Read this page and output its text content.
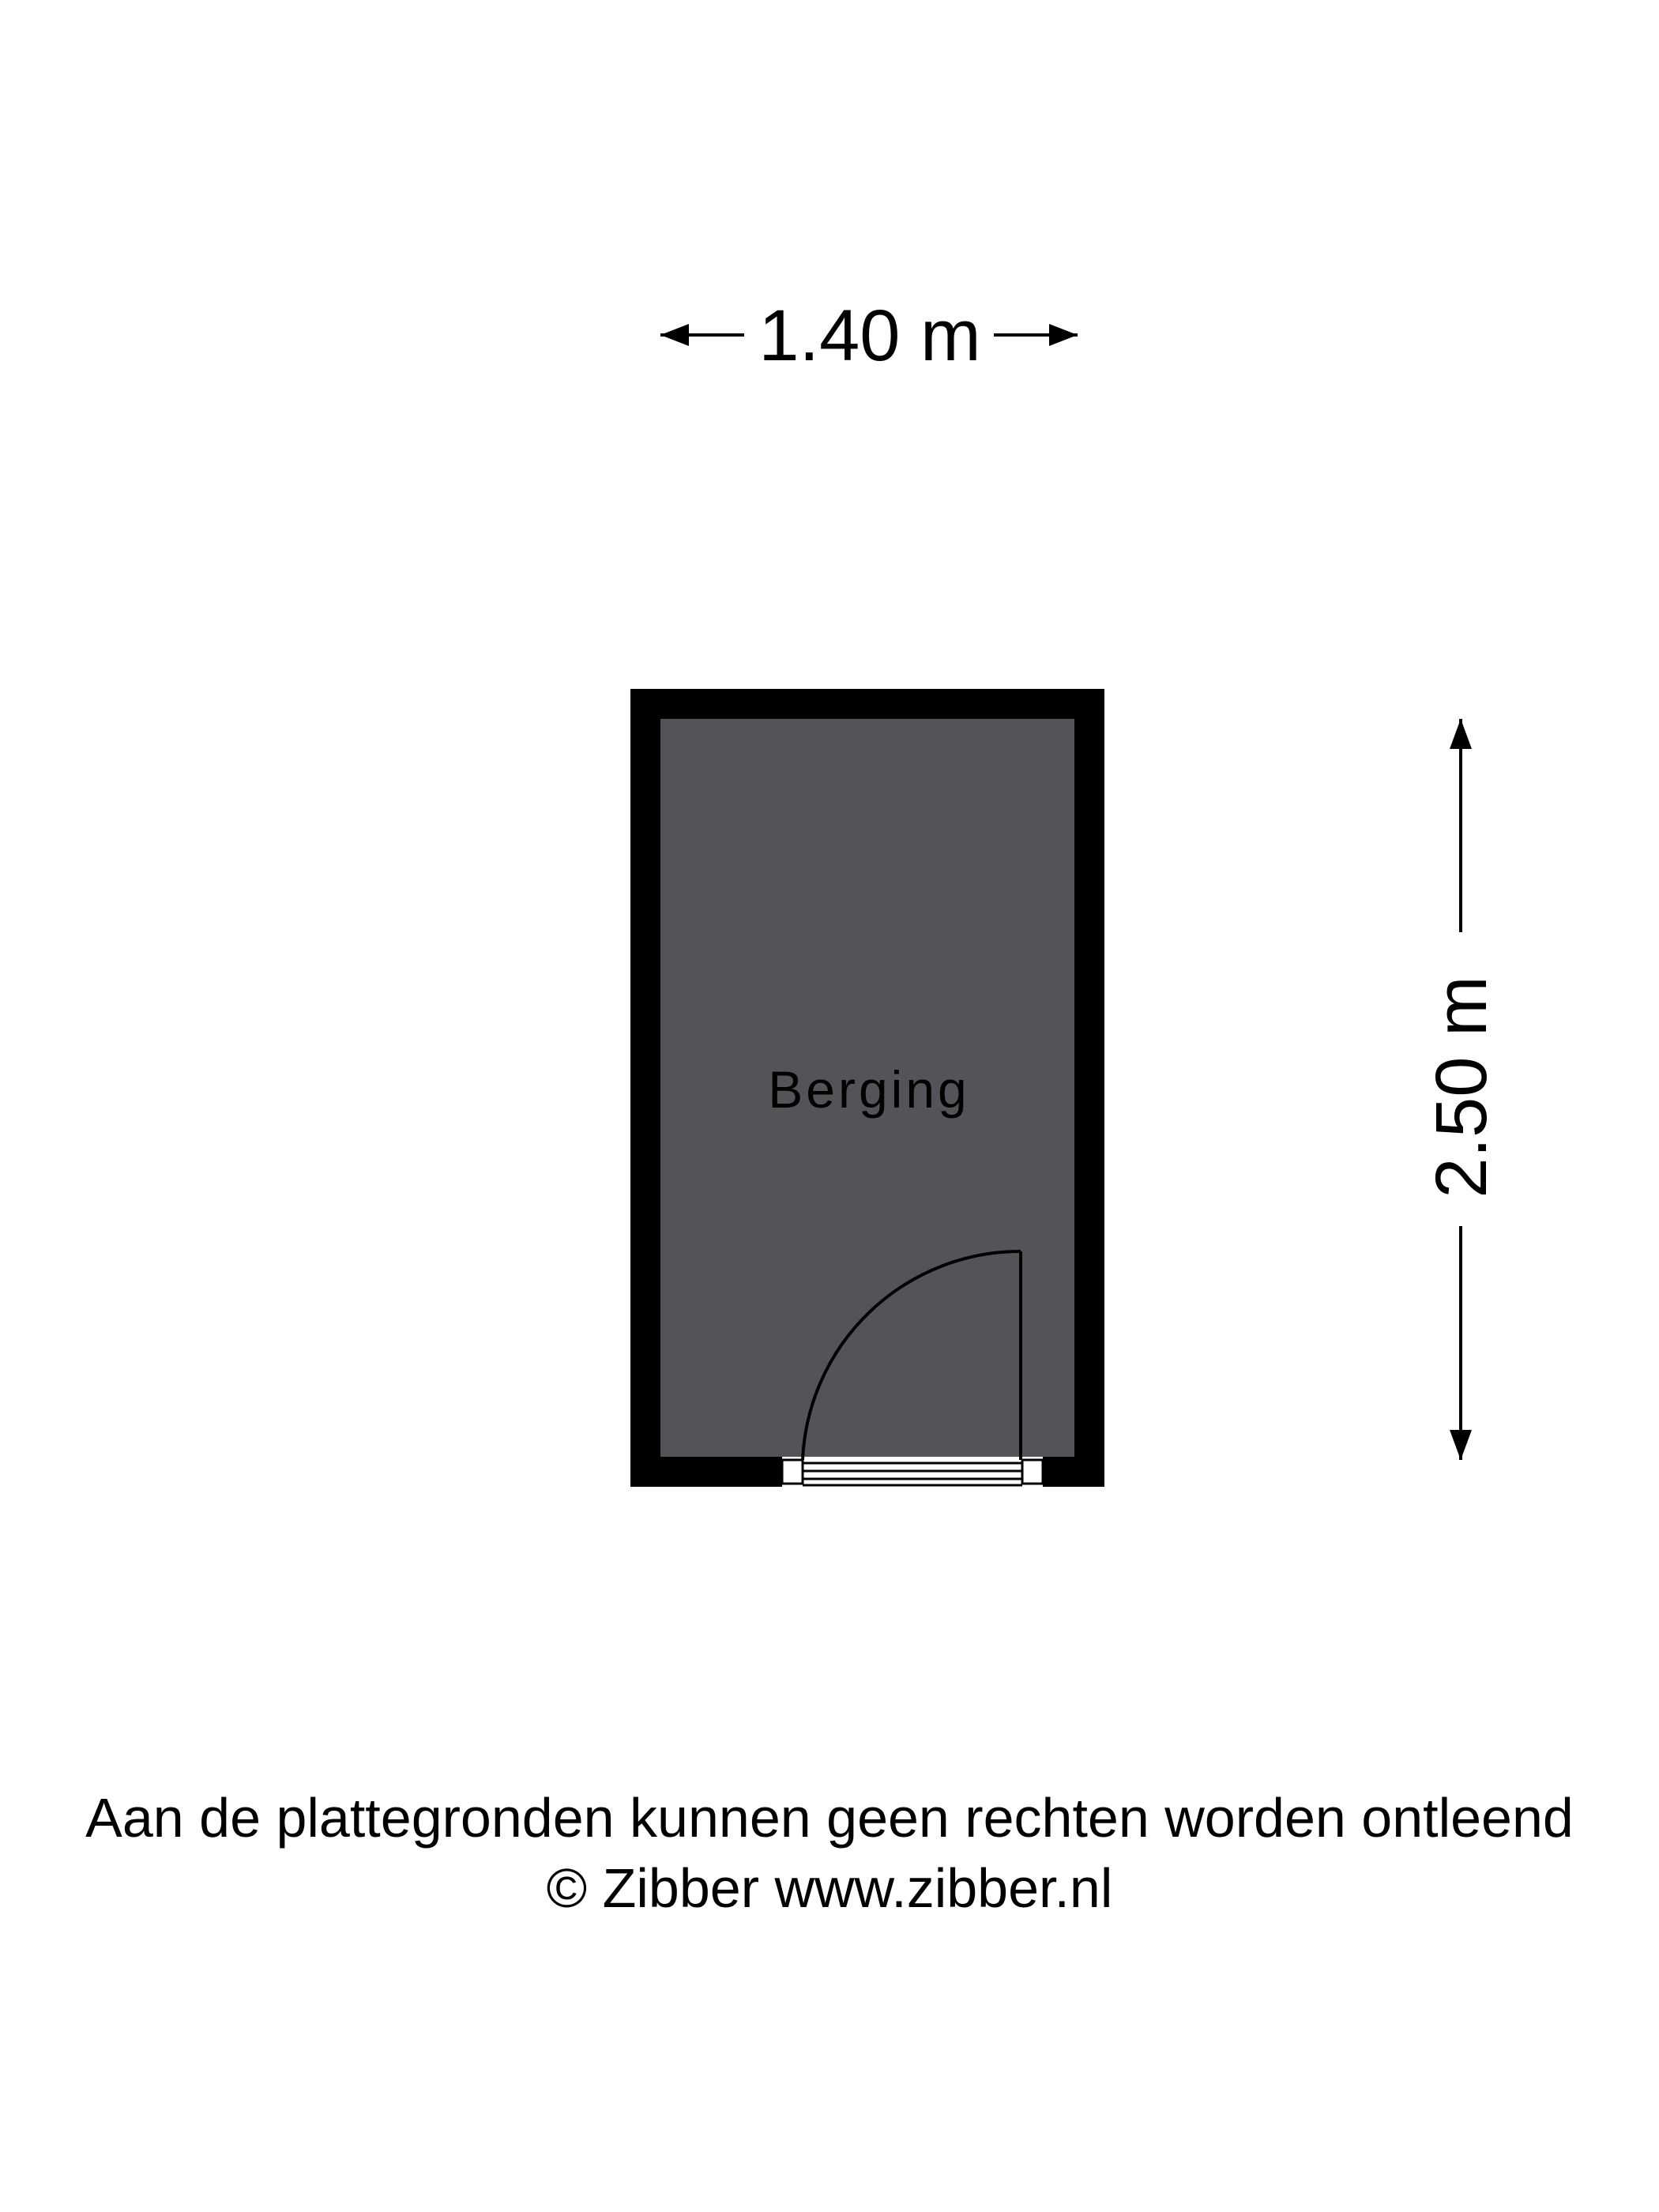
1.40 m
2.50 m
Berging
Aan de plattegronden kunnen geen rechten worden ontleend
© Zibber www.zibber.nl
